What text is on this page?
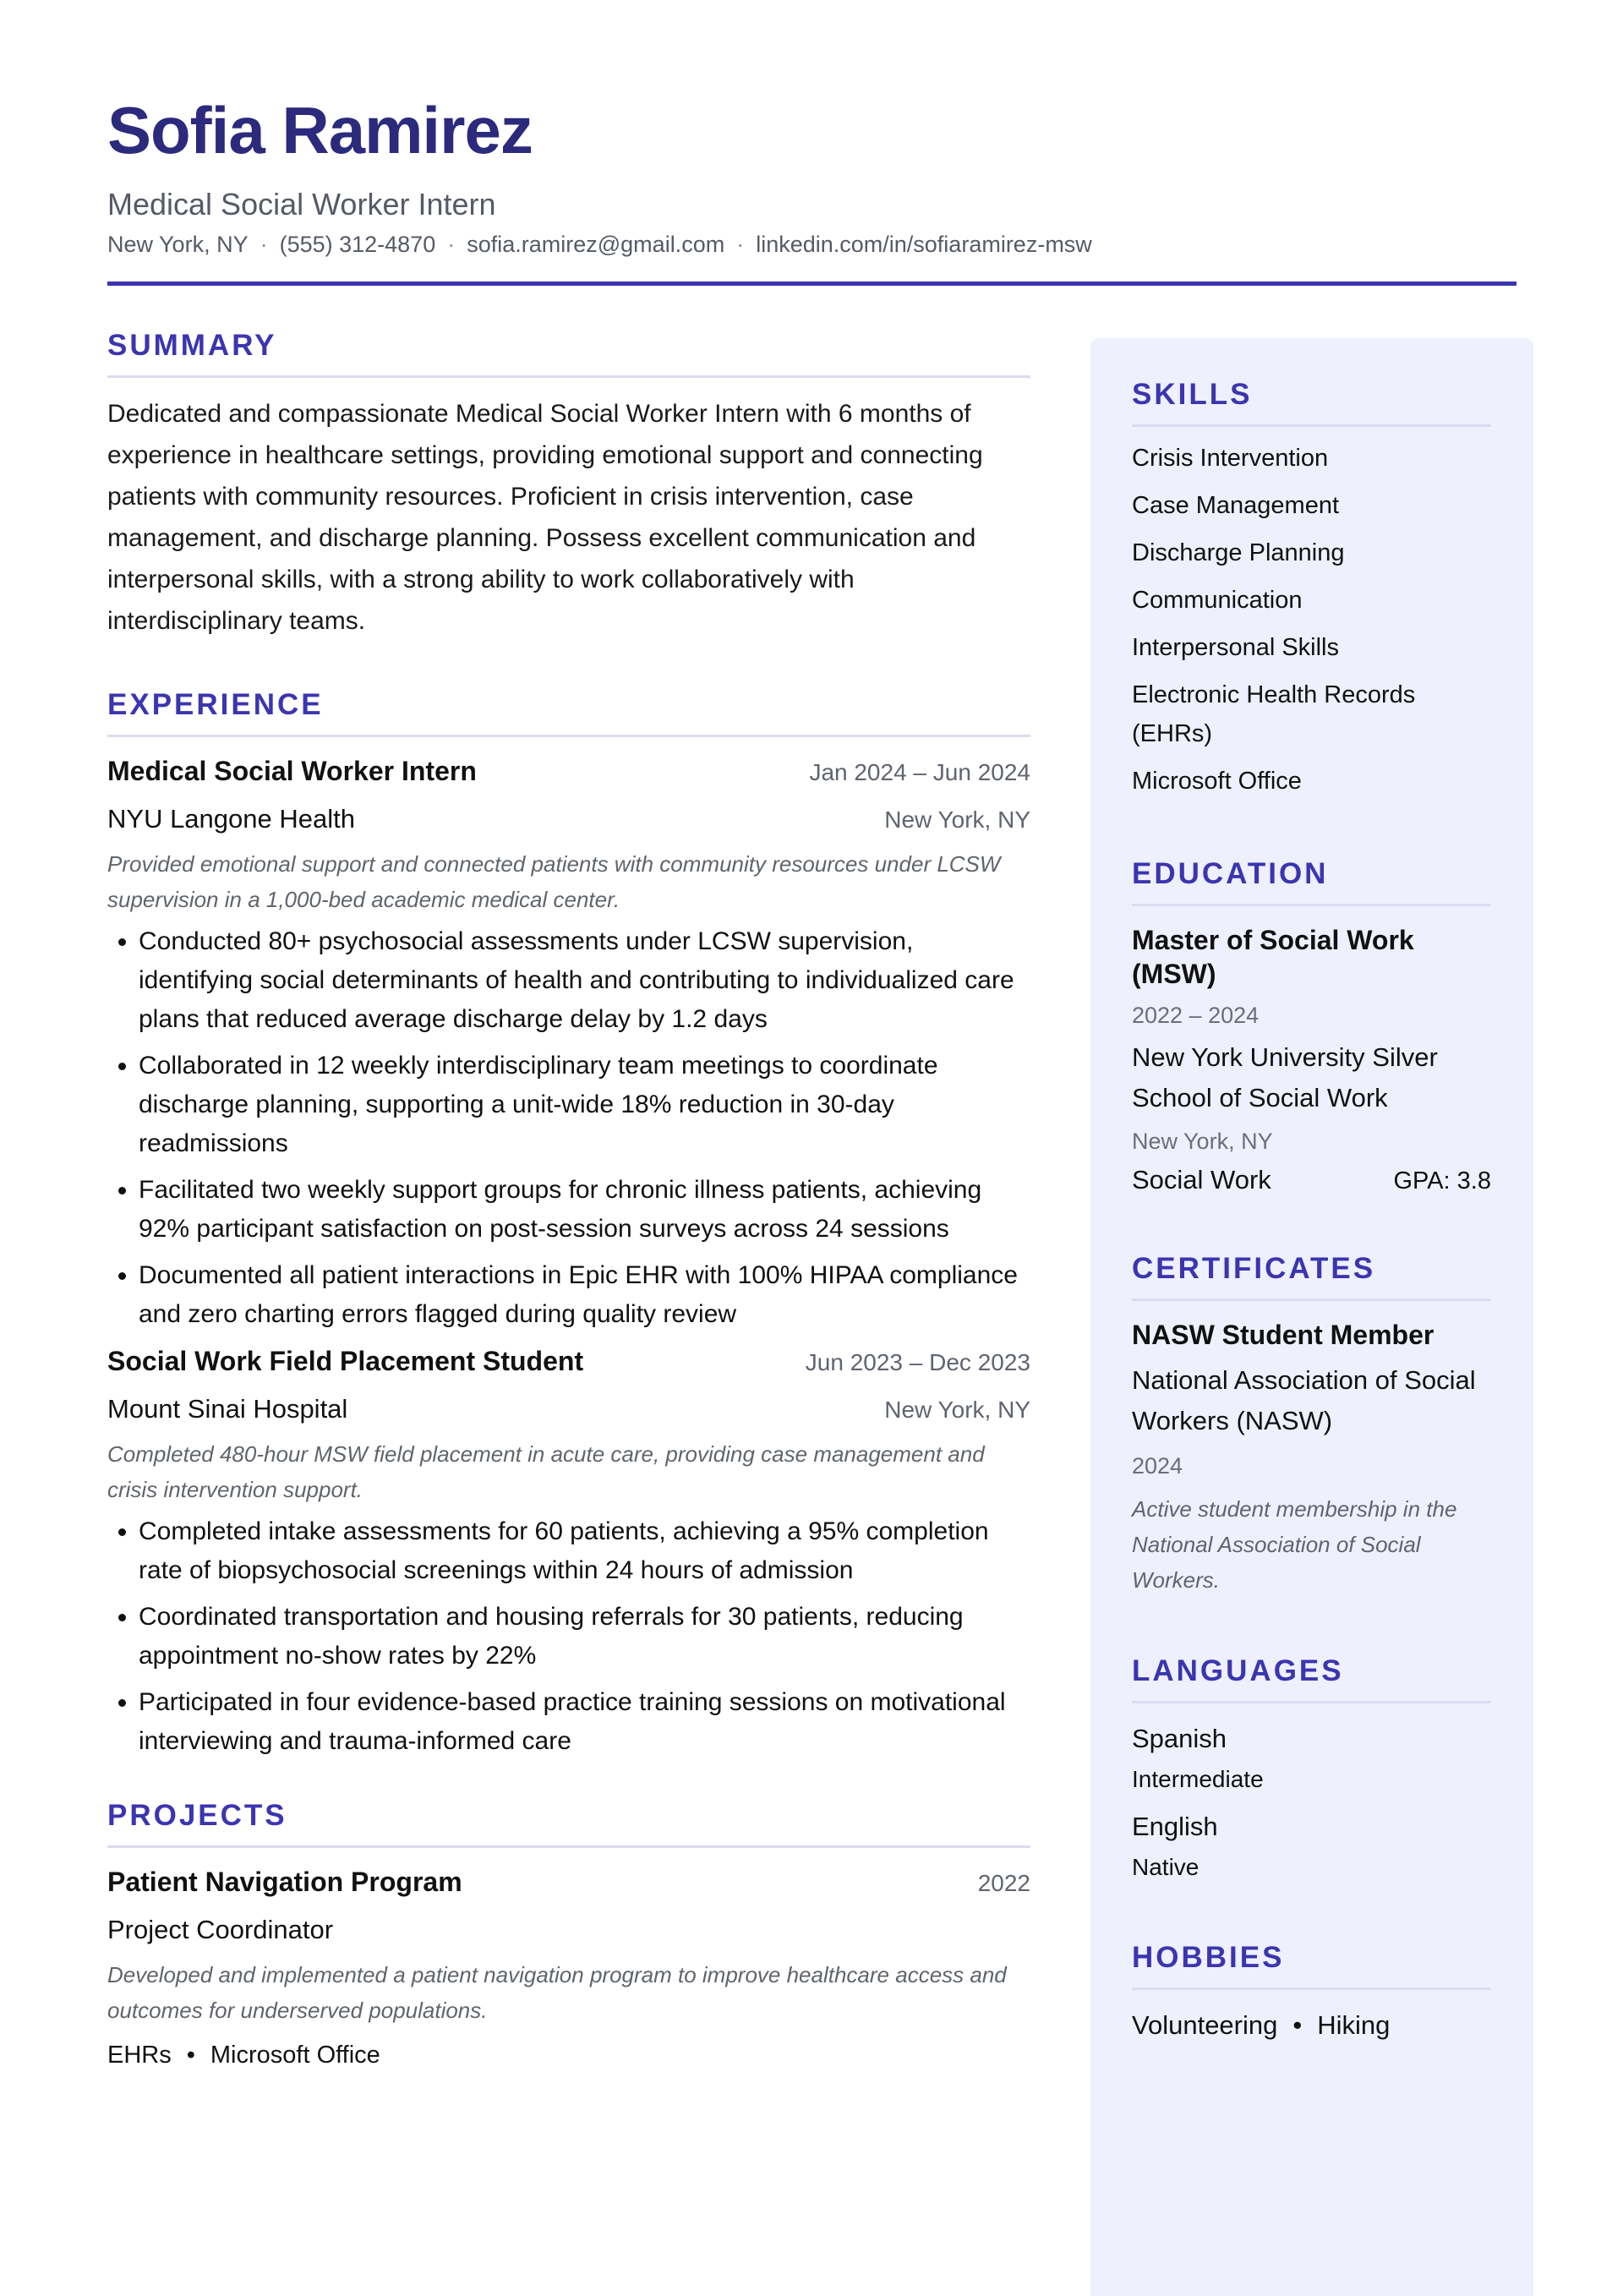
Sofia Ramirez
Medical Social Worker Intern
New York, NY · (555) 312-4870 · sofia.ramirez@gmail.com · linkedin.com/in/sofiaramirez-msw
SUMMARY

Dedicated and compassionate Medical Social Worker Intern with 6 months of experience in healthcare settings, providing emotional support and connecting patients with community resources. Proficient in crisis intervention, case management, and discharge planning. Possess excellent communication and interpersonal skills, with a strong ability to work collaboratively with interdisciplinary teams.

EXPERIENCE
Medical Social Worker Intern	Jan 2024 – Jun 2024
NYU Langone Health	New York, NY
Provided emotional support and connected patients with community resources under LCSW supervision in a 1,000-bed academic medical center.
• Conducted 80+ psychosocial assessments under LCSW supervision, identifying social determinants of health and contributing to individualized care plans that reduced average discharge delay by 1.2 days
• Collaborated in 12 weekly interdisciplinary team meetings to coordinate discharge planning, supporting a unit-wide 18% reduction in 30-day readmissions
• Facilitated two weekly support groups for chronic illness patients, achieving 92% participant satisfaction on post-session surveys across 24 sessions
• Documented all patient interactions in Epic EHR with 100% HIPAA compliance and zero charting errors flagged during quality review
Social Work Field Placement Student	Jun 2023 – Dec 2023
Mount Sinai Hospital	New York, NY
Completed 480-hour MSW field placement in acute care, providing case management and crisis intervention support.
• Completed intake assessments for 60 patients, achieving a 95% completion rate of biopsychosocial screenings within 24 hours of admission
• Coordinated transportation and housing referrals for 30 patients, reducing appointment no-show rates by 22%
• Participated in four evidence-based practice training sessions on motivational interviewing and trauma-informed care
PROJECTS
Patient Navigation Program	2022
Project Coordinator
Developed and implemented a patient navigation program to improve healthcare access and outcomes for underserved populations.
EHRs • Microsoft Office
SKILLS
Crisis Intervention
Case Management
Discharge Planning
Communication
Interpersonal Skills
Electronic Health Records (EHRs)
Microsoft Office
EDUCATION
Master of Social Work (MSW)
2022 – 2024
New York University Silver School of Social Work
New York, NY
Social Work	GPA: 3.8
CERTIFICATES
NASW Student Member
National Association of Social Workers (NASW)
2024
Active student membership in the National Association of Social Workers.
LANGUAGES
Spanish
Intermediate
English
Native
HOBBIES
Volunteering • Hiking
